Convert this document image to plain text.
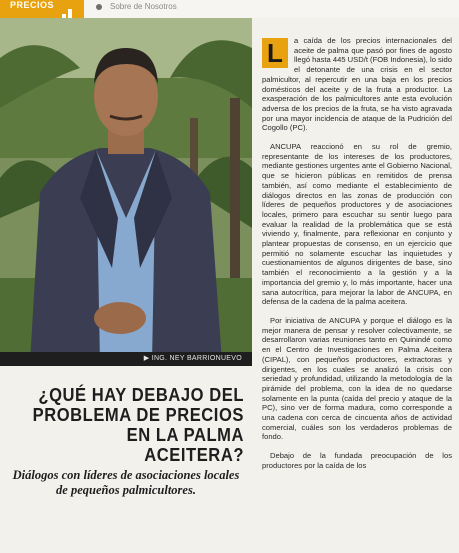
PRECIOS	Sobre de Nosotros
▶ ING. NEY BARRIONUEVO
¿QUÉ HAY DEBAJO DEL PROBLEMA DE PRECIOS EN LA PALMA ACEITERA?
Diálogos con líderes de asociaciones locales de pequeños palmicultores.

L	a caída de los precios internacionales del aceite de palma que pasó por fines de agosto llegó hasta 445 USD/t (FOB Indonesia), lo sido el detonante de una crisis en el sector palmicultor, al repercutir en una baja en los precios domésticos del aceite y de la fruta a productor. La exasperación de los palmicultores ante esta evolución adversa de los precios de la fruta, se ha visto agravada por una mayor incidencia de ataque de la Pudrición del Cogollo (PC).

ANCUPA reaccionó en su rol de gremio, representante de los intereses de los productores, mediante gestiones urgentes ante el Gobierno Nacional, que se hicieron públicas en remitidos de prensa también, así como mediante el establecimiento de diálogos directos en las zonas de producción con líderes de pequeños productores y de asociaciones locales, primero para escuchar su sentir luego para evaluar la realidad de la problemática que se está viviendo y, finalmente, para reflexionar en conjunto y plantear propuestas de consenso, en un ejercicio que permitió no solamente escuchar las inquietudes y cuestionamientos de algunos dirigentes de base, sino también el reconocimiento a la gestión y a la importancia del gremio y, lo más importante, hacer una sana autocrítica, para mejorar la labor de ANCUPA, en defensa de la cadena de la palma aceitera.

Por iniciativa de ANCUPA y porque el diálogo es la mejor manera de pensar y resolver colectivamente, se desarrollaron varias reuniones tanto en Quinindé como en el Centro de Investigaciones en Palma Aceitera (CIPAL), con pequeños productores, extractoras y dirigentes, en los cuales se analizó la crisis con seriedad y profundidad, utilizando la metodología de la pirámide del problema, con la idea de no quedarse solamente en la punta (caída del precio y ataque de la PC), sino ver de forma madura, como corresponde a una cadena con cerca de cincuenta años de actividad comercial, cuáles son los verdaderos problemas de fondo.

Debajo de la fundada preocupación de los productores por la caída de los
